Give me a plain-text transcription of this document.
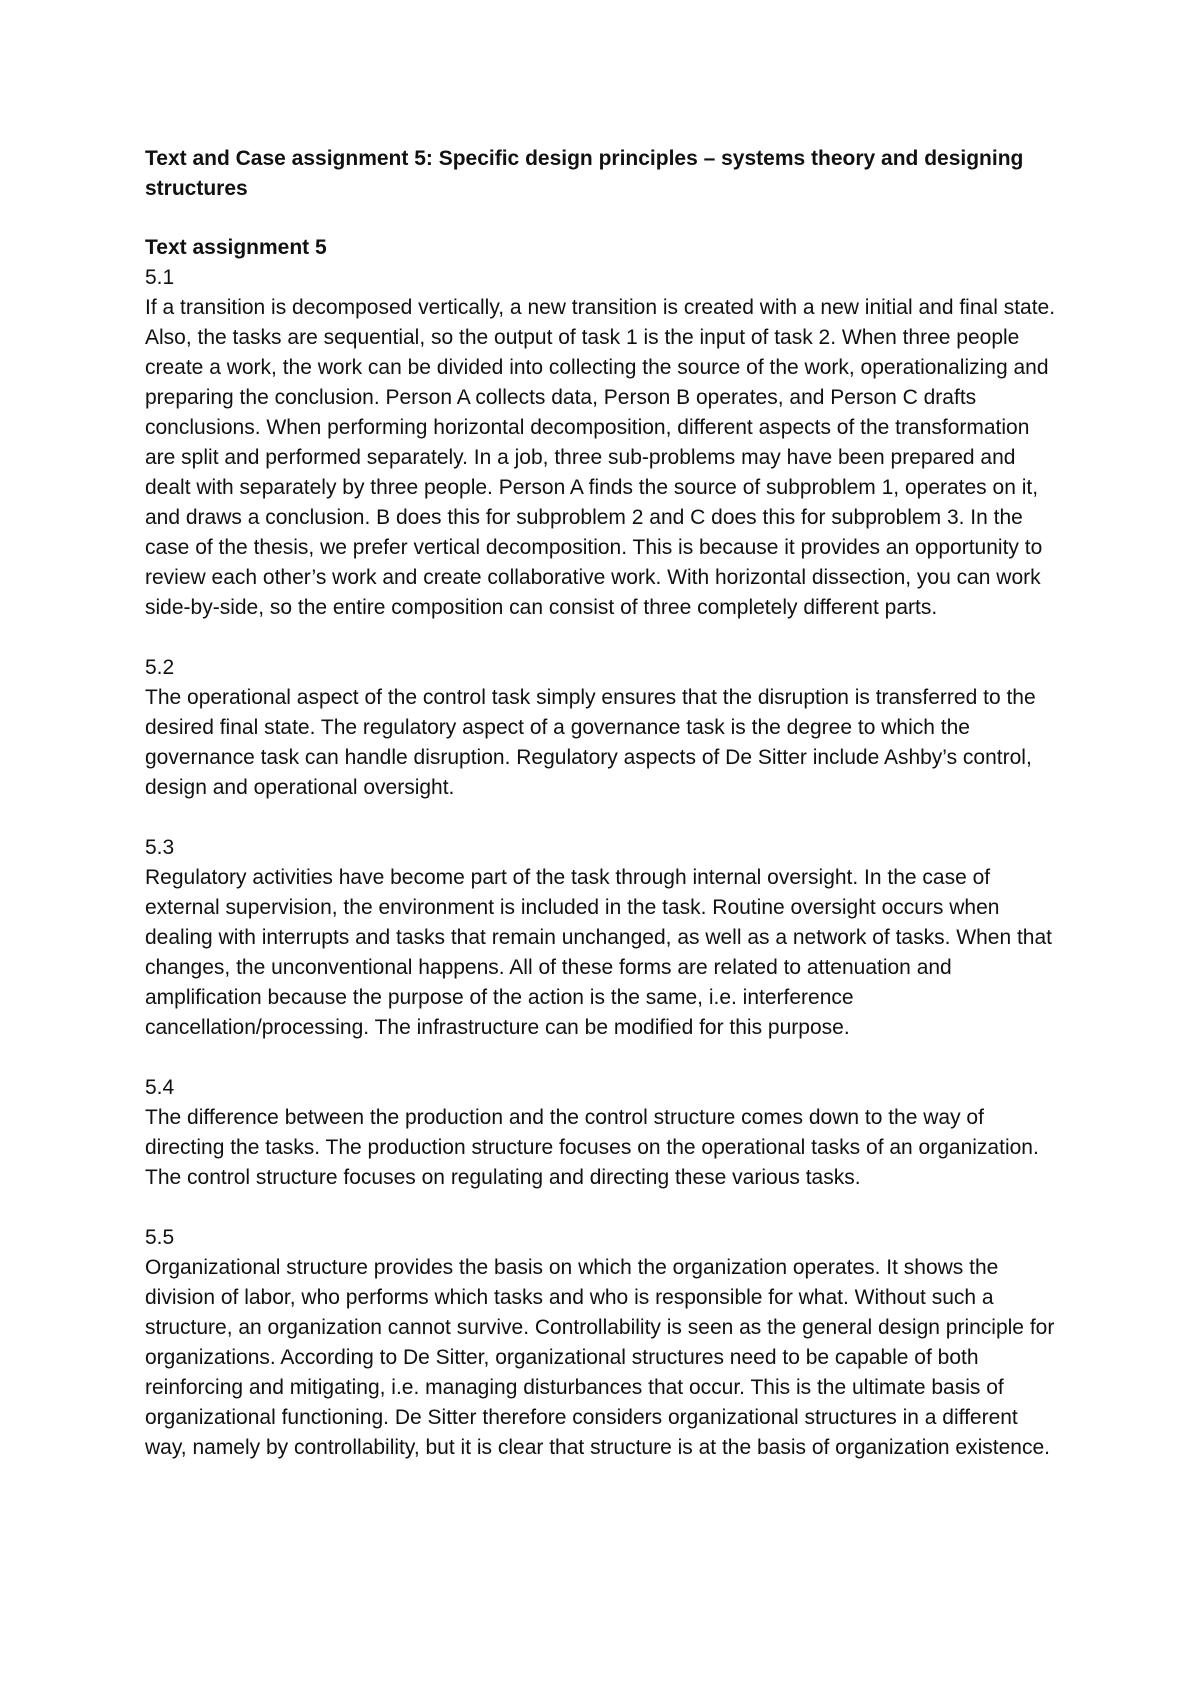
Text and Case assignment 5: Specific design principles – systems theory and designing structures

Text assignment 5

5.1

If a transition is decomposed vertically, a new transition is created with a new initial and final state. Also, the tasks are sequential, so the output of task 1 is the input of task 2. When three people create a work, the work can be divided into collecting the source of the work, operationalizing and preparing the conclusion. Person A collects data, Person B operates, and Person C drafts conclusions. When performing horizontal decomposition, different aspects of the transformation are split and performed separately. In a job, three sub-problems may have been prepared and dealt with separately by three people. Person A finds the source of subproblem 1, operates on it, and draws a conclusion. B does this for subproblem 2 and C does this for subproblem 3. In the case of the thesis, we prefer vertical decomposition. This is because it provides an opportunity to review each other’s work and create collaborative work. With horizontal dissection, you can work side-by-side, so the entire composition can consist of three completely different parts.

5.2

The operational aspect of the control task simply ensures that the disruption is transferred to the desired final state. The regulatory aspect of a governance task is the degree to which the governance task can handle disruption. Regulatory aspects of De Sitter include Ashby’s control, design and operational oversight.

5.3

Regulatory activities have become part of the task through internal oversight. In the case of external supervision, the environment is included in the task. Routine oversight occurs when dealing with interrupts and tasks that remain unchanged, as well as a network of tasks. When that changes, the unconventional happens. All of these forms are related to attenuation and amplification because the purpose of the action is the same, i.e. interference cancellation/processing. The infrastructure can be modified for this purpose.

5.4

The difference between the production and the control structure comes down to the way of directing the tasks. The production structure focuses on the operational tasks of an organization. The control structure focuses on regulating and directing these various tasks.

5.5

Organizational structure provides the basis on which the organization operates. It shows the division of labor, who performs which tasks and who is responsible for what. Without such a structure, an organization cannot survive. Controllability is seen as the general design principle for organizations. According to De Sitter, organizational structures need to be capable of both reinforcing and mitigating, i.e. managing disturbances that occur. This is the ultimate basis of organizational functioning. De Sitter therefore considers organizational structures in a different way, namely by controllability, but it is clear that structure is at the basis of organization existence.
